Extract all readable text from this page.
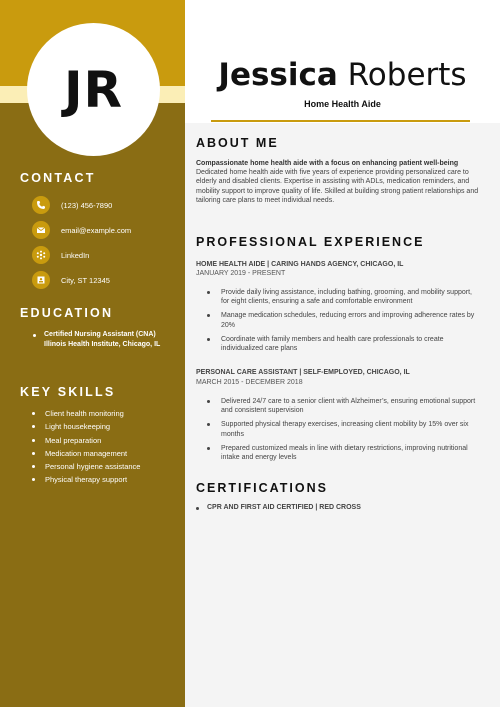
JR	Jessica Roberts
Home Health Aide
CONTACT
(123) 456-7890
email@example.com
LinkedIn
City, ST 12345
EDUCATION
Certified Nursing Assistant (CNA)
Illinois Health Institute, Chicago, IL
KEY SKILLS
Client health monitoring
Light housekeeping
Meal preparation
Medication management
Personal hygiene assistance
Physical therapy support
ABOUT ME
Compassionate home health aide with a focus on enhancing patient well-being
Dedicated home health aide with five years of experience providing personalized care to elderly and disabled clients. Expertise in assisting with ADLs, medication reminders, and mobility support to improve quality of life. Skilled at building strong patient relationships and tailoring care plans to meet individual needs.
PROFESSIONAL EXPERIENCE
HOME HEALTH AIDE | CARING HANDS AGENCY, CHICAGO, IL
JANUARY 2019 - PRESENT
Provide daily living assistance, including bathing, grooming, and mobility support, for eight clients, ensuring a safe and comfortable environment
Manage medication schedules, reducing errors and improving adherence rates by 20%
Coordinate with family members and health care professionals to create individualized care plans
PERSONAL CARE ASSISTANT | SELF-EMPLOYED, CHICAGO, IL
MARCH 2015 - DECEMBER 2018
Delivered 24/7 care to a senior client with Alzheimer’s, ensuring emotional support and consistent supervision
Supported physical therapy exercises, increasing client mobility by 15% over six months
Prepared customized meals in line with dietary restrictions, improving nutritional intake and energy levels
CERTIFICATIONS
CPR AND FIRST AID CERTIFIED | RED CROSS
